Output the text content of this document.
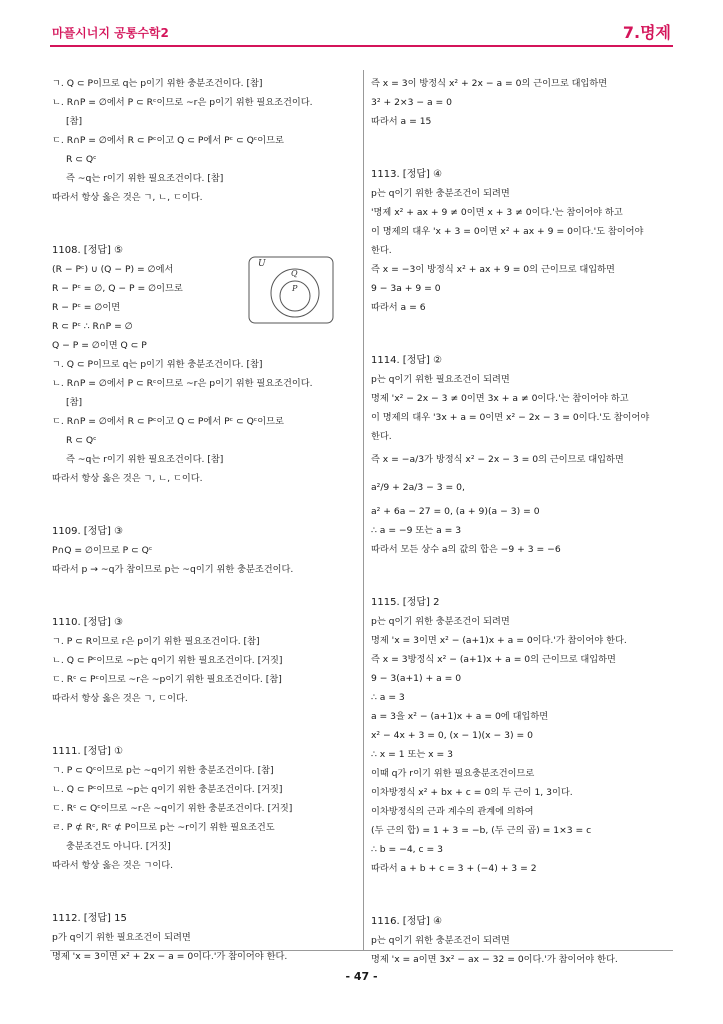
마플시너지 공통수학2	7.명제
ㄱ. Q ⊂ P이므로 q는 p이기 위한 충분조건이다. [참]
ㄴ. R∩P = ∅에서 P ⊂ Rᶜ이므로 ~r은 p이기 위한 필요조건이다.
[참]
ㄷ. R∩P = ∅에서 R ⊂ Pᶜ이고 Q ⊂ P에서 Pᶜ ⊂ Qᶜ이므로
R ⊂ Qᶜ
즉 ~q는 r이기 위한 필요조건이다. [참]
따라서 항상 옳은 것은 ㄱ, ㄴ, ㄷ이다.
1108. [정답] ⑤
(R − Pᶜ) ∪ (Q − P) = ∅에서
R − Pᶜ = ∅, Q − P = ∅이므로
R − Pᶜ = ∅이면
R ⊂ Pᶜ ∴ R∩P = ∅
Q − P = ∅이면 Q ⊂ P
ㄱ. Q ⊂ P이므로 q는 p이기 위한 충분조건이다. [참]
ㄴ. R∩P = ∅에서 P ⊂ Rᶜ이므로 ~r은 p이기 위한 필요조건이다.
[참]
ㄷ. R∩P = ∅에서 R ⊂ Pᶜ이고 Q ⊂ P에서 Pᶜ ⊂ Qᶜ이므로
R ⊂ Qᶜ
즉 ~q는 r이기 위한 필요조건이다. [참]
따라서 항상 옳은 것은 ㄱ, ㄴ, ㄷ이다.
1109. [정답] ③
P∩Q = ∅이므로 P ⊂ Qᶜ
따라서 p → ~q가 참이므로 p는 ~q이기 위한 충분조건이다.
1110. [정답] ③
ㄱ. P ⊂ R이므로 r은 p이기 위한 필요조건이다. [참]
ㄴ. Q ⊂ Pᶜ이므로 ~p는 q이기 위한 필요조건이다. [거짓]
ㄷ. Rᶜ ⊂ Pᶜ이므로 ~r은 ~p이기 위한 필요조건이다. [참]
따라서 항상 옳은 것은 ㄱ, ㄷ이다.
1111. [정답] ①
ㄱ. P ⊂ Qᶜ이므로 p는 ~q이기 위한 충분조건이다. [참]
ㄴ. Q ⊂ Pᶜ이므로 ~p는 q이기 위한 충분조건이다. [거짓]
ㄷ. Rᶜ ⊂ Qᶜ이므로 ~r은 ~q이기 위한 충분조건이다. [거짓]
ㄹ. P ⊄ Rᶜ, Rᶜ ⊄ P이므로 p는 ~r이기 위한 필요조건도
충분조건도 아니다. [거짓]
따라서 항상 옳은 것은 ㄱ이다.
1112. [정답] 15
p가 q이기 위한 필요조건이 되려면
명제 'x = 3이면 x² + 2x − a = 0이다.'가 참이어야 한다.
U
Q
P
즉 x = 3이 방정식 x² + 2x − a = 0의 근이므로 대입하면
3² + 2×3 − a = 0
따라서 a = 15
1113. [정답] ④
p는 q이기 위한 충분조건이 되려면
'명제 x² + ax + 9 ≠ 0이면 x + 3 ≠ 0이다.'는 참이어야 하고
이 명제의 대우 'x + 3 = 0이면 x² + ax + 9 = 0이다.'도 참이어야
한다.
즉 x = −3이 방정식 x² + ax + 9 = 0의 근이므로 대입하면
9 − 3a + 9 = 0
따라서 a = 6
1114. [정답] ②
p는 q이기 위한 필요조건이 되려면
명제 'x² − 2x − 3 ≠ 0이면 3x + a ≠ 0이다.'는 참이어야 하고
이 명제의 대우 '3x + a = 0이면 x² − 2x − 3 = 0이다.'도 참이어야
한다.
즉 x = −a/3가 방정식 x² − 2x − 3 = 0의 근이므로 대입하면
a²/9 + 2a/3 − 3 = 0,
a² + 6a − 27 = 0, (a + 9)(a − 3) = 0
∴ a = −9 또는 a = 3
따라서 모든 상수 a의 값의 합은 −9 + 3 = −6
1115. [정답] 2
p는 q이기 위한 충분조건이 되려면
명제 'x = 3이면 x² − (a+1)x + a = 0이다.'가 참이어야 한다.
즉 x = 3방정식 x² − (a+1)x + a = 0의 근이므로 대입하면
9 − 3(a+1) + a = 0
∴ a = 3
a = 3을 x² − (a+1)x + a = 0에 대입하면
x² − 4x + 3 = 0, (x − 1)(x − 3) = 0
∴ x = 1 또는 x = 3
이때 q가 r이기 위한 필요충분조건이므로
이차방정식 x² + bx + c = 0의 두 근이 1, 3이다.
이차방정식의 근과 계수의 관계에 의하여
(두 근의 합) = 1 + 3 = −b, (두 근의 곱) = 1×3 = c
∴ b = −4, c = 3
따라서 a + b + c = 3 + (−4) + 3 = 2
1116. [정답] ④
p는 q이기 위한 충분조건이 되려면
명제 'x = a이면 3x² − ax − 32 = 0이다.'가 참이어야 한다.
- 47 -
